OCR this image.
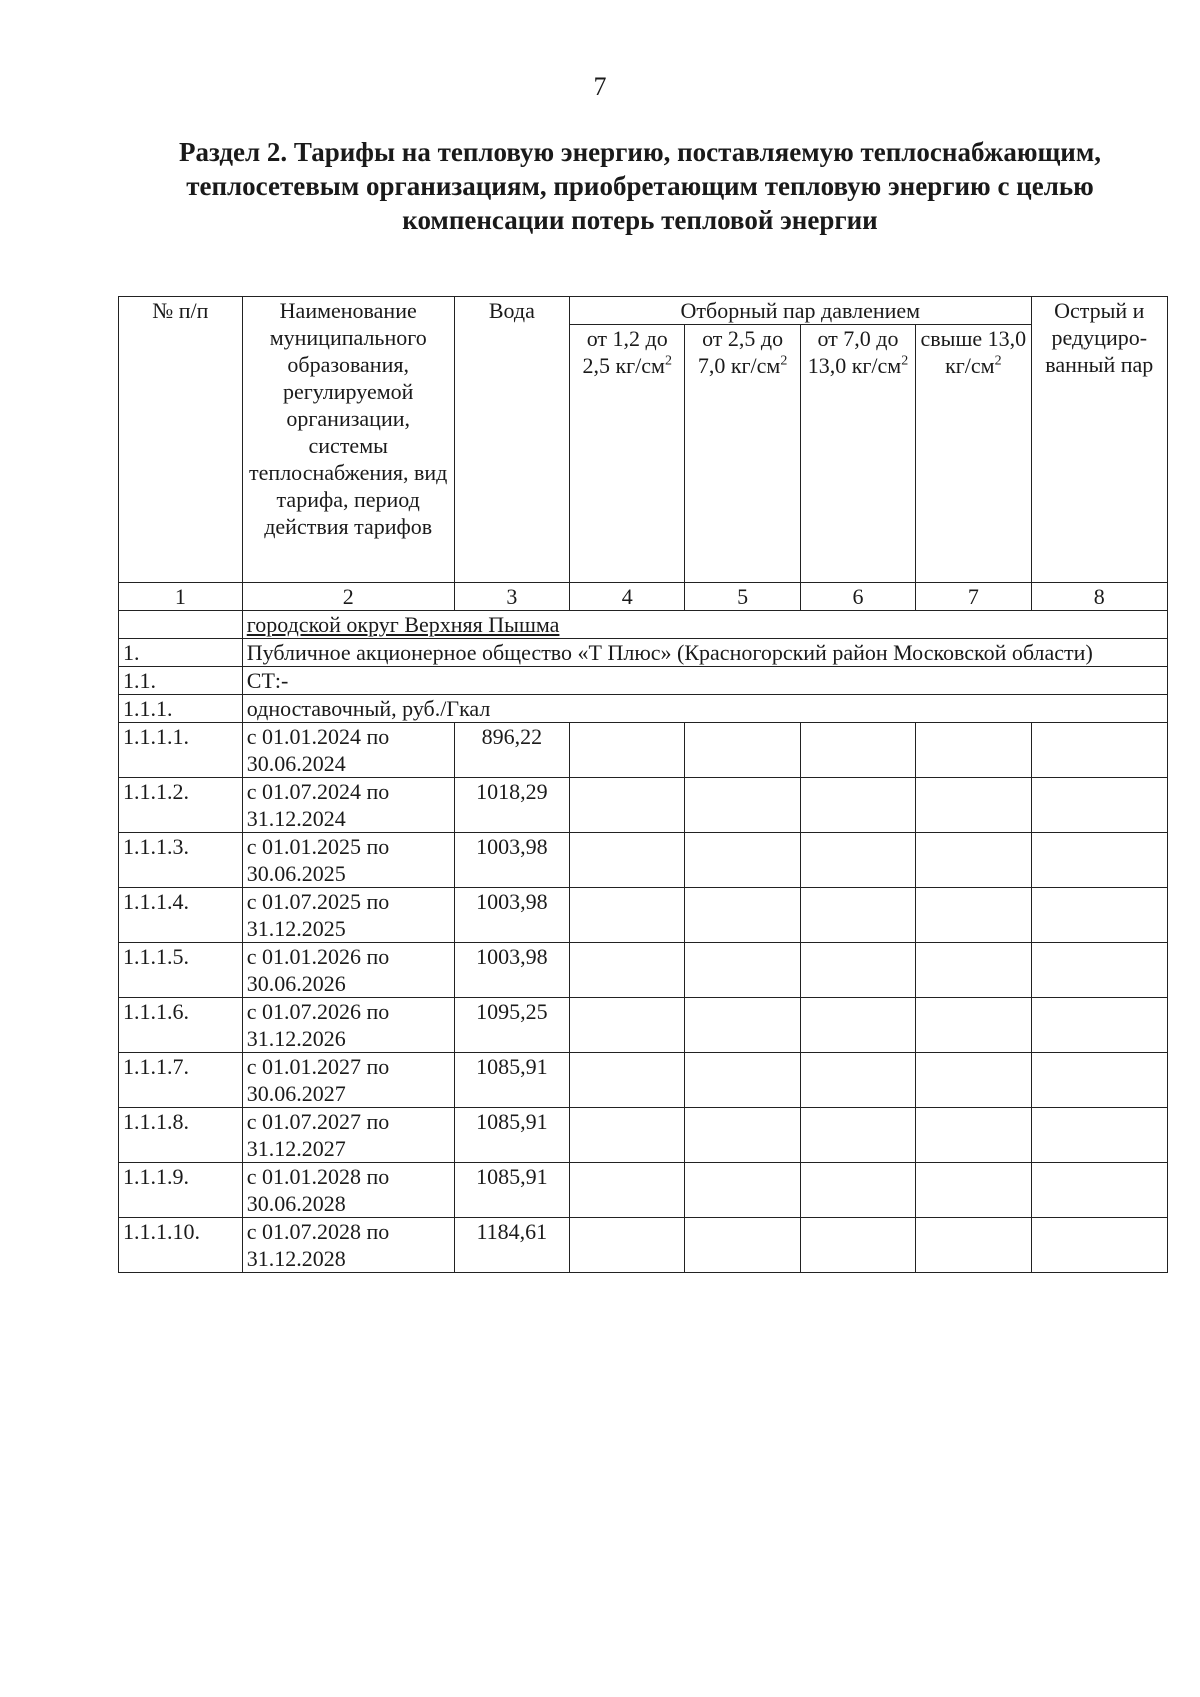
7
Раздел 2. Тарифы на тепловую энергию, поставляемую теплоснабжающим, теплосетевым организациям, приобретающим тепловую энергию с целью компенсации потерь тепловой энергии
№ п/п	Наименование муниципального образования, регулируемой организации, системы теплоснабжения, вид тарифа, период действия тарифов	Вода	Отборный пар давлением				Острый и редуциро-ванный пар
			от 1,2 до 2,5 $кг/см^2$	от 2,5 до 7,0 $кг/см^2$	от 7,0 до 13,0 $кг/см^2$	свыше 13,0 $кг/см^2$
1	2	3	4	5	6	7	8
	городской округ Верхняя Пышма						
1.	Публичное акционерное общество «Т Плюс» (Красногорский район Московской области)						
1.1.	СТ:-						
1.1.1.	одноставочный, руб./Гкал						
1.1.1.1.	с 01.01.2024 по 30.06.2024	896,22					
1.1.1.2.	с 01.07.2024 по 31.12.2024	1018,29					
1.1.1.3.	с 01.01.2025 по 30.06.2025	1003,98					
1.1.1.4.	с 01.07.2025 по 31.12.2025	1003,98					
1.1.1.5.	с 01.01.2026 по 30.06.2026	1003,98					
1.1.1.6.	с 01.07.2026 по 31.12.2026	1095,25					
1.1.1.7.	с 01.01.2027 по 30.06.2027	1085,91					
1.1.1.8.	с 01.07.2027 по 31.12.2027	1085,91					
1.1.1.9.	с 01.01.2028 по 30.06.2028	1085,91					
1.1.1.10.	с 01.07.2028 по 31.12.2028	1184,61					
